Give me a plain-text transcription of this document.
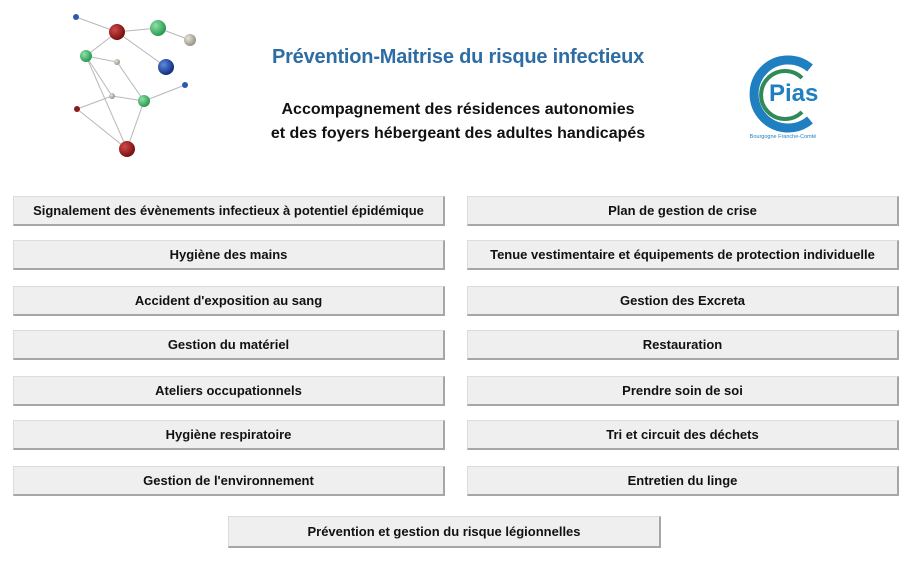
Prévention-Maitrise du risque infectieux
Accompagnement des résidences autonomies
et des foyers hébergeant des adultes handicapés
Pias
Bourgogne Franche-Comté
Signalement des évènements infectieux à potentiel épidémique
Hygiène des mains
Accident d'exposition au sang
Gestion du matériel
Ateliers occupationnels
Hygiène respiratoire
Gestion de l'environnement
Plan de gestion de crise
Tenue vestimentaire et équipements de protection individuelle
Gestion des Excreta
Restauration
Prendre soin de soi
Tri et circuit des déchets
Entretien du linge
Prévention et gestion du risque légionnelles
